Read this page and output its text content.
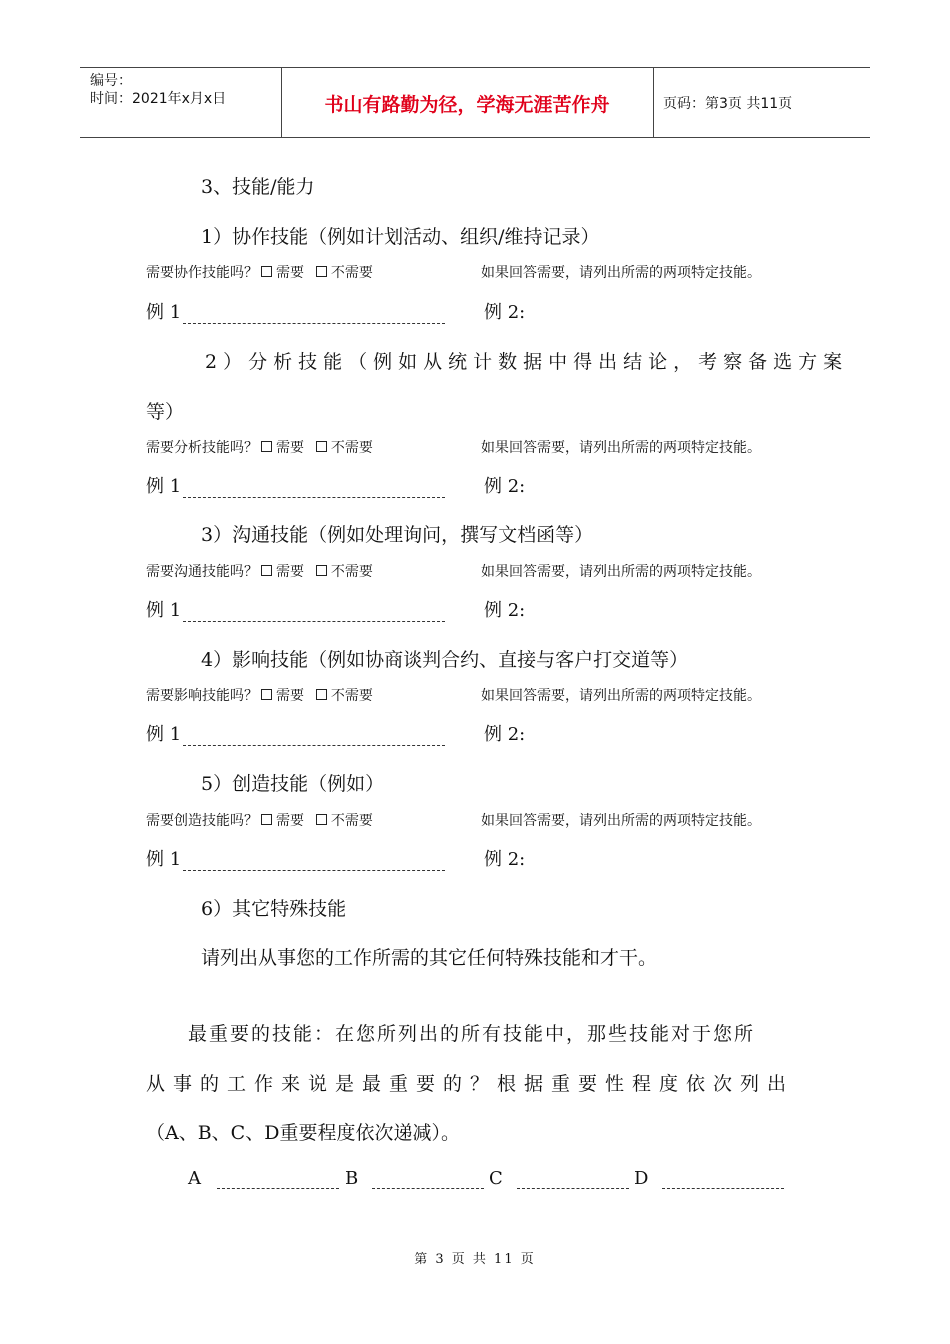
编号：
时间：2021年x月x日	书山有路勤为径，学海无涯苦作舟	页码：第3页 共11页
3、技能/能力
1）协作技能（例如计划活动、组织/维持记录）
需要协作技能吗？ 需要 不需要	如果回答需要，请列出所需的两项特定技能。
例 1	例 2:
2）分析技能（例如从统计数据中得出结论，考察备选方案
等）
需要分析技能吗？ 需要 不需要	如果回答需要，请列出所需的两项特定技能。
例 1	例 2:
3）沟通技能（例如处理询问，撰写文档函等）
需要沟通技能吗？ 需要 不需要	如果回答需要，请列出所需的两项特定技能。
例 1	例 2:
4）影响技能（例如协商谈判合约、直接与客户打交道等）
需要影响技能吗？ 需要 不需要	如果回答需要，请列出所需的两项特定技能。
例 1	例 2:
5）创造技能（例如）
需要创造技能吗？ 需要 不需要	如果回答需要，请列出所需的两项特定技能。
例 1	例 2:
6）其它特殊技能
请列出从事您的工作所需的其它任何特殊技能和才干。
最重要的技能：在您所列出的所有技能中，那些技能对于您所
从事的工作来说是最重要的？根据重要性程度依次列出
（A、B、C、D重要程度依次递减）。
A	B	C	D
第 3 页 共 11 页
